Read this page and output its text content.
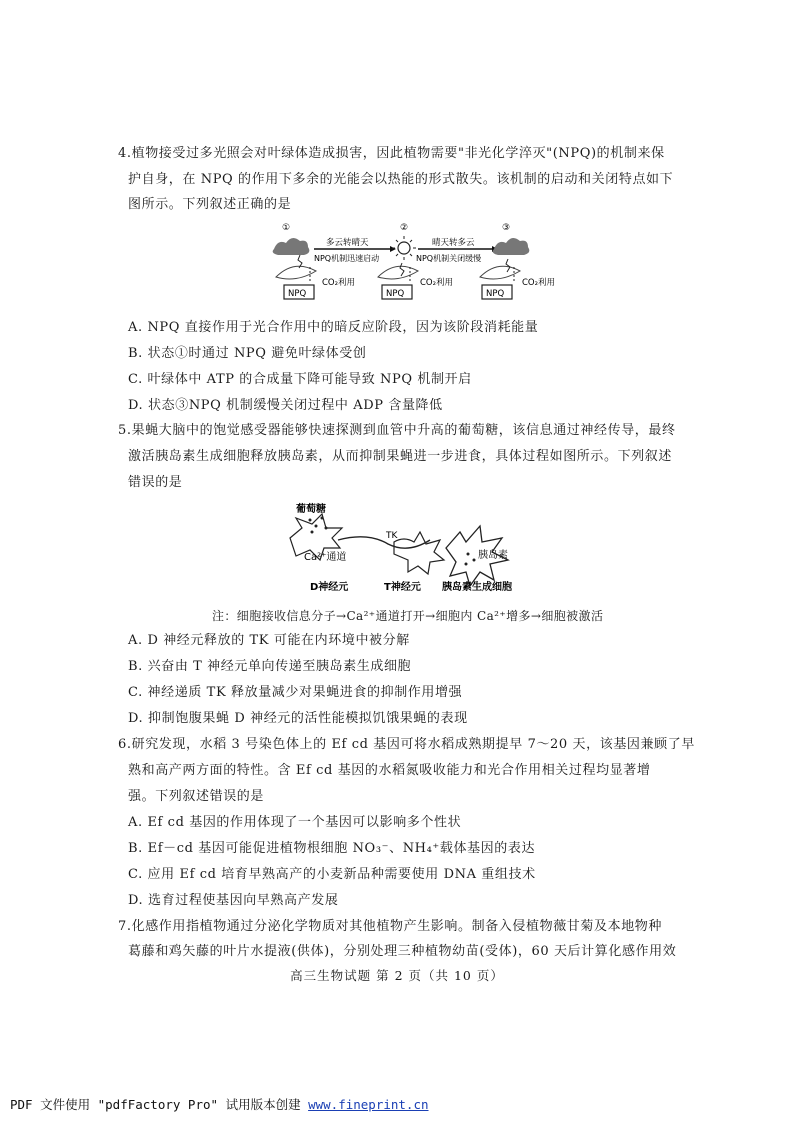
4.植物接受过多光照会对叶绿体造成损害，因此植物需要"非光化学淬灭"(NPQ)的机制来保
护自身，在 NPQ 的作用下多余的光能会以热能的形式散失。该机制的启动和关闭特点如下
图所示。下列叙述正确的是
①
NPQ
CO₂利用
多云转晴天
NPQ机制迅速启动
②
NPQ
CO₂利用
晴天转多云
NPQ机制关闭缓慢
③
NPQ
CO₂利用
A. NPQ 直接作用于光合作用中的暗反应阶段，因为该阶段消耗能量
B. 状态①时通过 NPQ 避免叶绿体受创
C. 叶绿体中 ATP 的合成量下降可能导致 NPQ 机制开启
D. 状态③NPQ 机制缓慢关闭过程中 ADP 含量降低
5.果蝇大脑中的饱觉感受器能够快速探测到血管中升高的葡萄糖，该信息通过神经传导，最终
激活胰岛素生成细胞释放胰岛素，从而抑制果蝇进一步进食，具体过程如图所示。下列叙述
错误的是
葡萄糖
Ca²⁺通道
TK
胰岛素
D神经元	T神经元 胰岛素生成细胞
注：细胞接收信息分子→Ca²⁺通道打开→细胞内 Ca²⁺增多→细胞被激活
A. D 神经元释放的 TK 可能在内环境中被分解
B. 兴奋由 T 神经元单向传递至胰岛素生成细胞
C. 神经递质 TK 释放量减少对果蝇进食的抑制作用增强
D. 抑制饱腹果蝇 D 神经元的活性能模拟饥饿果蝇的表现
6.研究发现，水稻 3 号染色体上的 Ef cd 基因可将水稻成熟期提早 7～20 天，该基因兼顾了早
熟和高产两方面的特性。含 Ef cd 基因的水稻氮吸收能力和光合作用相关过程均显著增
强。下列叙述错误的是
A. Ef cd 基因的作用体现了一个基因可以影响多个性状
B. Ef－cd 基因可能促进植物根细胞 NO₃⁻、NH₄⁺载体基因的表达
C. 应用 Ef cd 培育早熟高产的小麦新品种需要使用 DNA 重组技术
D. 选育过程使基因向早熟高产发展
7.化感作用指植物通过分泌化学物质对其他植物产生影响。制备入侵植物薇甘菊及本地物种
葛藤和鸡矢藤的叶片水提液(供体)，分别处理三种植物幼苗(受体)，60 天后计算化感作用效
高三生物试题 第 2 页（共 10 页）
PDF 文件使用 "pdfFactory Pro" 试用版本创建 www.fineprint.cn
